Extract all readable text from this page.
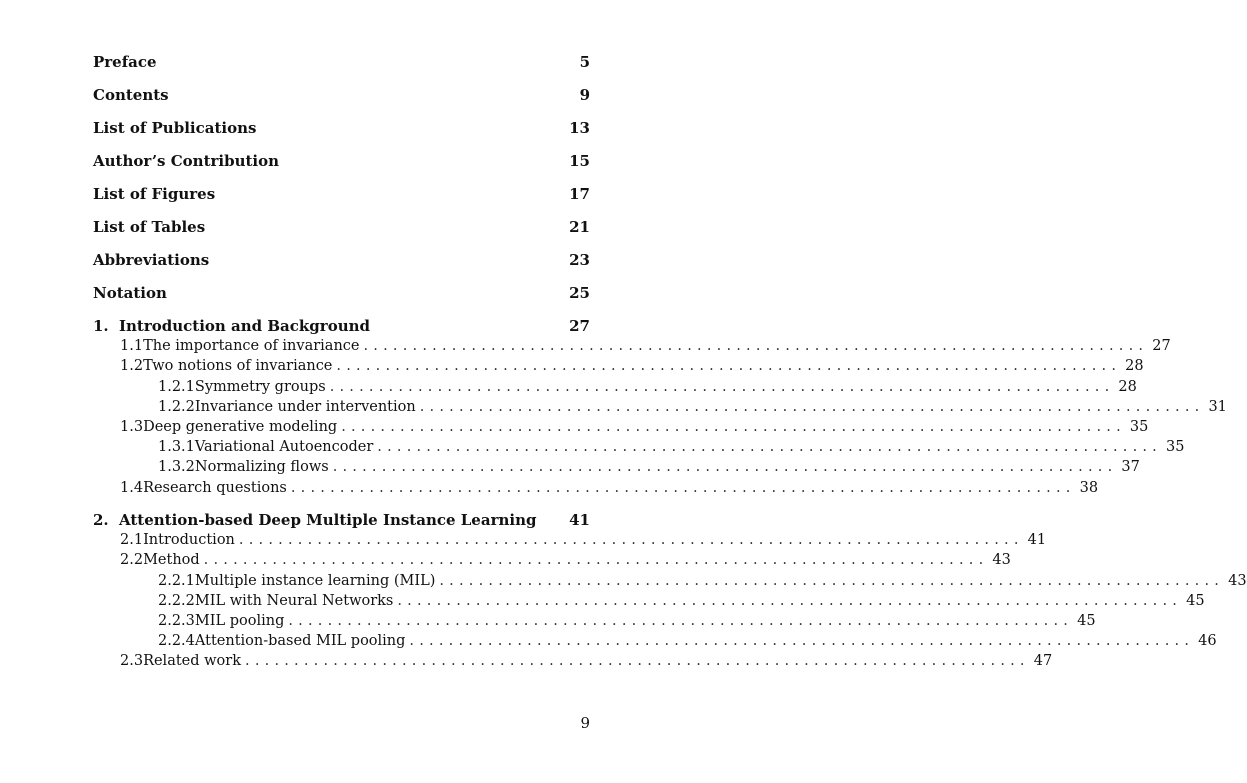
Preface	5
Contents	9
List of Publications	13
Author’s Contribution	15
List of Figures	17
List of Tables	21
Abbreviations	23
Notation	25
1. Introduction and Background	27
1.1 The importance of invariance ................................................................................ 27
1.2 Two notions of invariance ................................................................................ 28
1.2.1 Symmetry groups ................................................................................ 28
1.2.2 Invariance under intervention ................................................................................ 31
1.3 Deep generative modeling ................................................................................ 35
1.3.1 Variational Autoencoder ................................................................................ 35
1.3.2 Normalizing flows ................................................................................ 37
1.4 Research questions ................................................................................ 38
2. Attention-based Deep Multiple Instance Learning	41
2.1 Introduction ................................................................................ 41
2.2 Method ................................................................................ 43
2.2.1 Multiple instance learning (MIL) ................................................................................ 43
2.2.2 MIL with Neural Networks ................................................................................ 45
2.2.3 MIL pooling ................................................................................ 45
2.2.4 Attention-based MIL pooling ................................................................................ 46
2.3 Related work ................................................................................ 47
9
